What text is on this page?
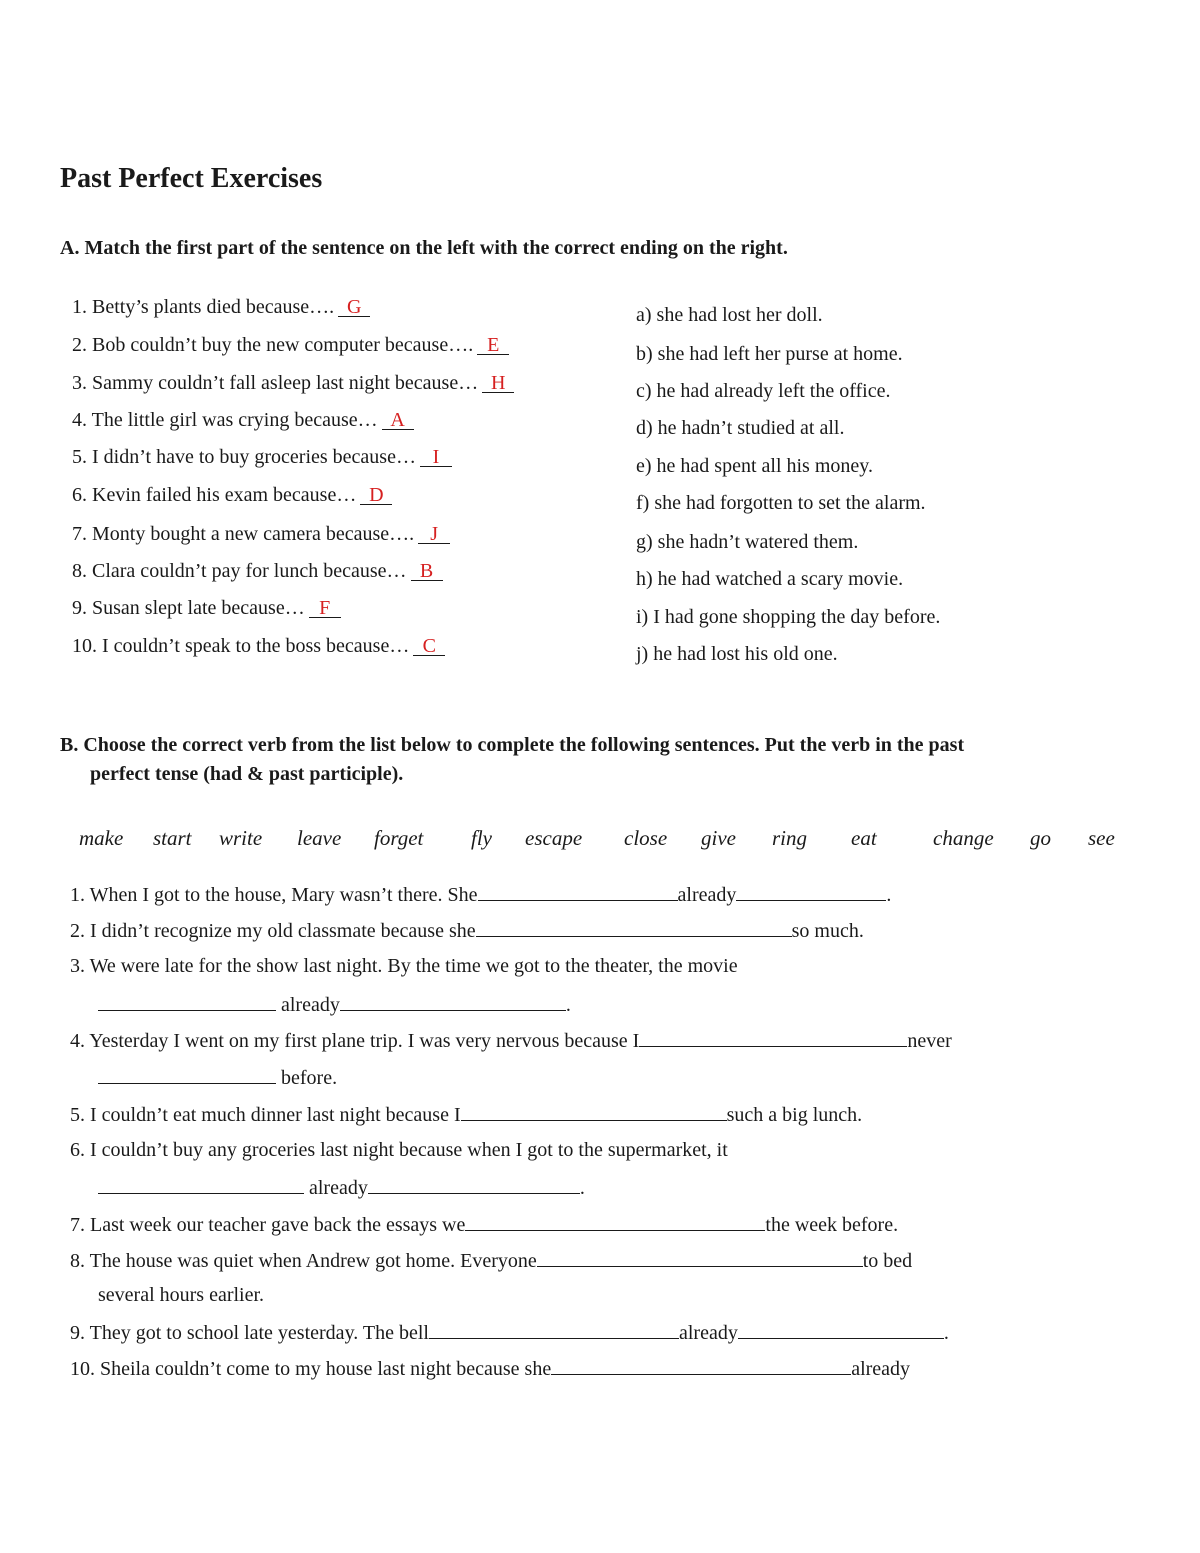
Past Perfect Exercises
A. Match the first part of the sentence on the left with the correct ending on the right.
1. Betty’s plants died because…. G
2. Bob couldn’t buy the new computer because…. E
3. Sammy couldn’t fall asleep last night because… H
4. The little girl was crying because… A
5. I didn’t have to buy groceries because… I
6. Kevin failed his exam because… D
7. Monty bought a new camera because…. J
8. Clara couldn’t pay for lunch because… B
9. Susan slept late because… F
10. I couldn’t speak to the boss because… C
a) she had lost her doll.
b) she had left her purse at home.
c) he had already left the office.
d) he hadn’t studied at all.
e) he had spent all his money.
f) she had forgotten to set the alarm.
g) she hadn’t watered them.
h) he had watched a scary movie.
i) I had gone shopping the day before.
j) he had lost his old one.
B. Choose the correct verb from the list below to complete the following sentences. Put the verb in the past
perfect tense (had & past participle).
make start write leave forget fly escape close give ring eat	change go see
1. When I got to the house, Mary wasn’t there. She	already	.
2. I didn’t recognize my old classmate because she	so much.
3. We were late for the show last night. By the time we got to the theater, the movie
already	.
4. Yesterday I went on my first plane trip. I was very nervous because I	never
before.
5. I couldn’t eat much dinner last night because I	such a big lunch.
6. I couldn’t buy any groceries last night because when I got to the supermarket, it
already	.
7. Last week our teacher gave back the essays we	the week before.
8. The house was quiet when Andrew got home. Everyone	to bed
several hours earlier.
9. They got to school late yesterday. The bell	already	.
10. Sheila couldn’t come to my house last night because she	already
